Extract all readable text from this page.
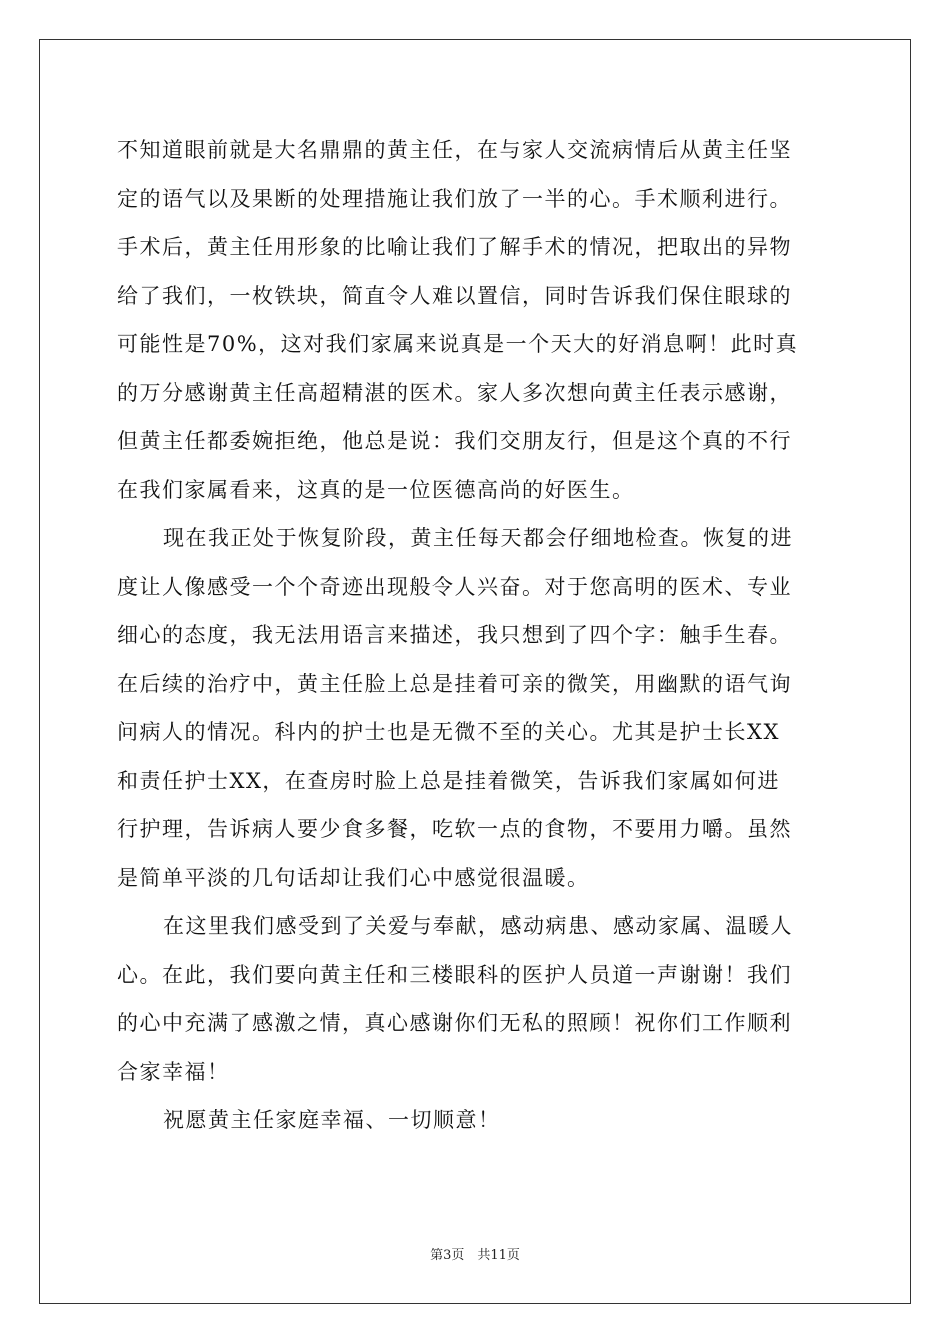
不知道眼前就是大名鼎鼎的黄主任，在与家人交流病情后从黄主任坚
定的语气以及果断的处理措施让我们放了一半的心。手术顺利进行。
手术后，黄主任用形象的比喻让我们了解手术的情况，把取出的异物
给了我们，一枚铁块，简直令人难以置信，同时告诉我们保住眼球的
可能性是70%，这对我们家属来说真是一个天大的好消息啊！此时真
的万分感谢黄主任高超精湛的医术。家人多次想向黄主任表示感谢，
但黄主任都委婉拒绝，他总是说：我们交朋友行，但是这个真的不行
在我们家属看来，这真的是一位医德高尚的好医生。
现在我正处于恢复阶段，黄主任每天都会仔细地检查。恢复的进
度让人像感受一个个奇迹出现般令人兴奋。对于您高明的医术、专业
细心的态度，我无法用语言来描述，我只想到了四个字：触手生春。
在后续的治疗中，黄主任脸上总是挂着可亲的微笑，用幽默的语气询
问病人的情况。科内的护士也是无微不至的关心。尤其是护士长XX
和责任护士XX，在查房时脸上总是挂着微笑，告诉我们家属如何进
行护理，告诉病人要少食多餐，吃软一点的食物，不要用力嚼。虽然
是简单平淡的几句话却让我们心中感觉很温暖。
在这里我们感受到了关爱与奉献，感动病患、感动家属、温暖人
心。在此，我们要向黄主任和三楼眼科的医护人员道一声谢谢！我们
的心中充满了感激之情，真心感谢你们无私的照顾！祝你们工作顺利
合家幸福！
祝愿黄主任家庭幸福、一切顺意！
第3页　共11页
